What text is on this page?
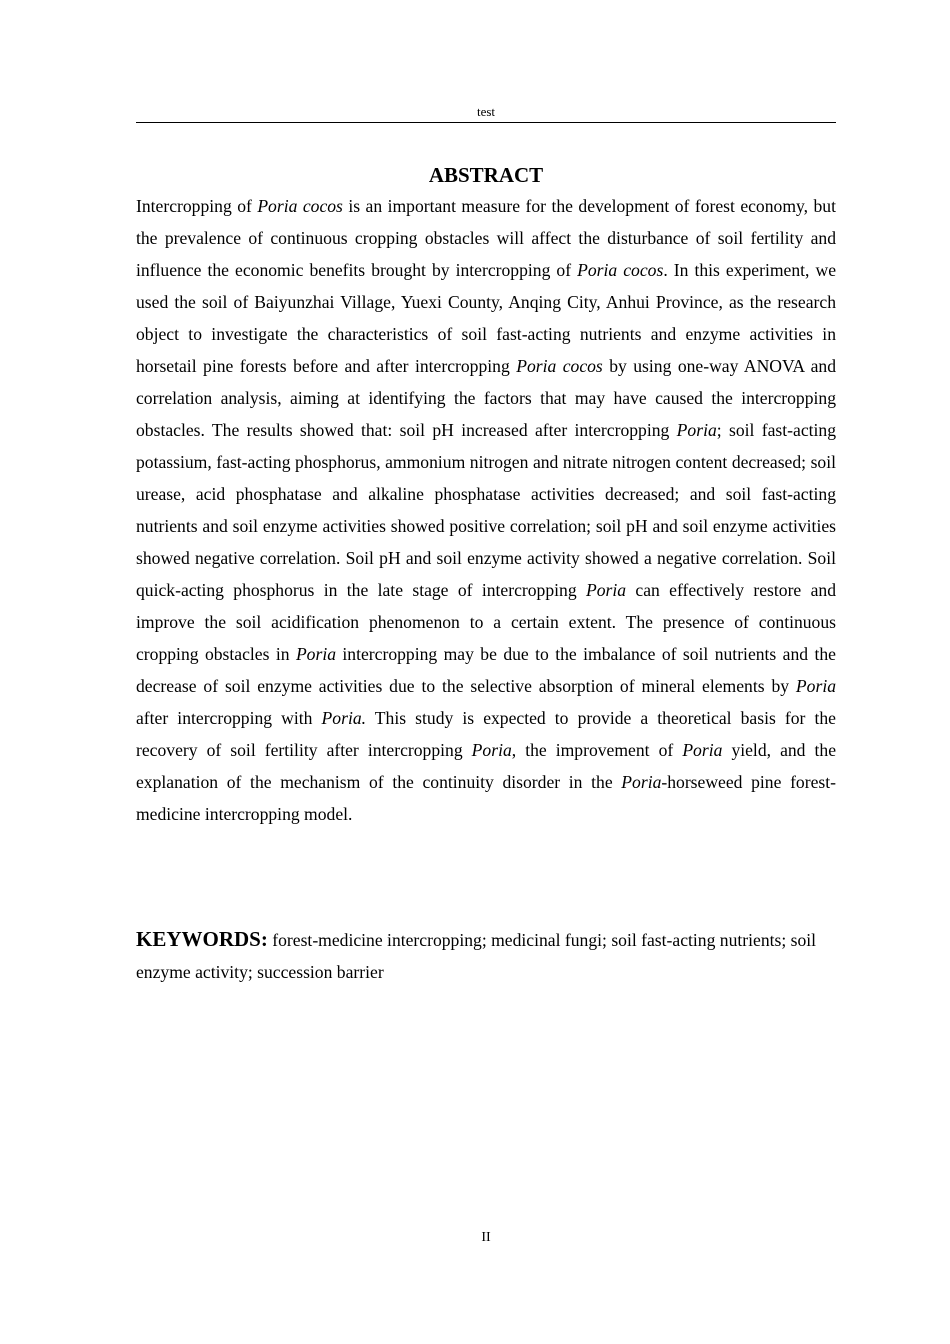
test
ABSTRACT

Intercropping of Poria cocos is an important measure for the development of forest economy, but the prevalence of continuous cropping obstacles will affect the disturbance of soil fertility and influence the economic benefits brought by intercropping of Poria cocos. In this experiment, we used the soil of Baiyunzhai Village, Yuexi County, Anqing City, Anhui Province, as the research object to investigate the characteristics of soil fast-acting nutrients and enzyme activities in horsetail pine forests before and after intercropping Poria cocos by using one-way ANOVA and correlation analysis, aiming at identifying the factors that may have caused the intercropping obstacles. The results showed that: soil pH increased after intercropping Poria; soil fast-acting potassium, fast-acting phosphorus, ammonium nitrogen and nitrate nitrogen content decreased; soil urease, acid phosphatase and alkaline phosphatase activities decreased; and soil fast-acting nutrients and soil enzyme activities showed positive correlation; soil pH and soil enzyme activities showed negative correlation. Soil pH and soil enzyme activity showed a negative correlation. Soil quick-acting phosphorus in the late stage of intercropping Poria can effectively restore and improve the soil acidification phenomenon to a certain extent. The presence of continuous cropping obstacles in Poria intercropping may be due to the imbalance of soil nutrients and the decrease of soil enzyme activities due to the selective absorption of mineral elements by Poria after intercropping with Poria. This study is expected to provide a theoretical basis for the recovery of soil fertility after intercropping Poria, the improvement of Poria yield, and the explanation of the mechanism of the continuity disorder in the Poria-horseweed pine forest-medicine intercropping model.

KEYWORDS: forest-medicine intercropping; medicinal fungi; soil fast-acting nutrients; soil enzyme activity; succession barrier

II
